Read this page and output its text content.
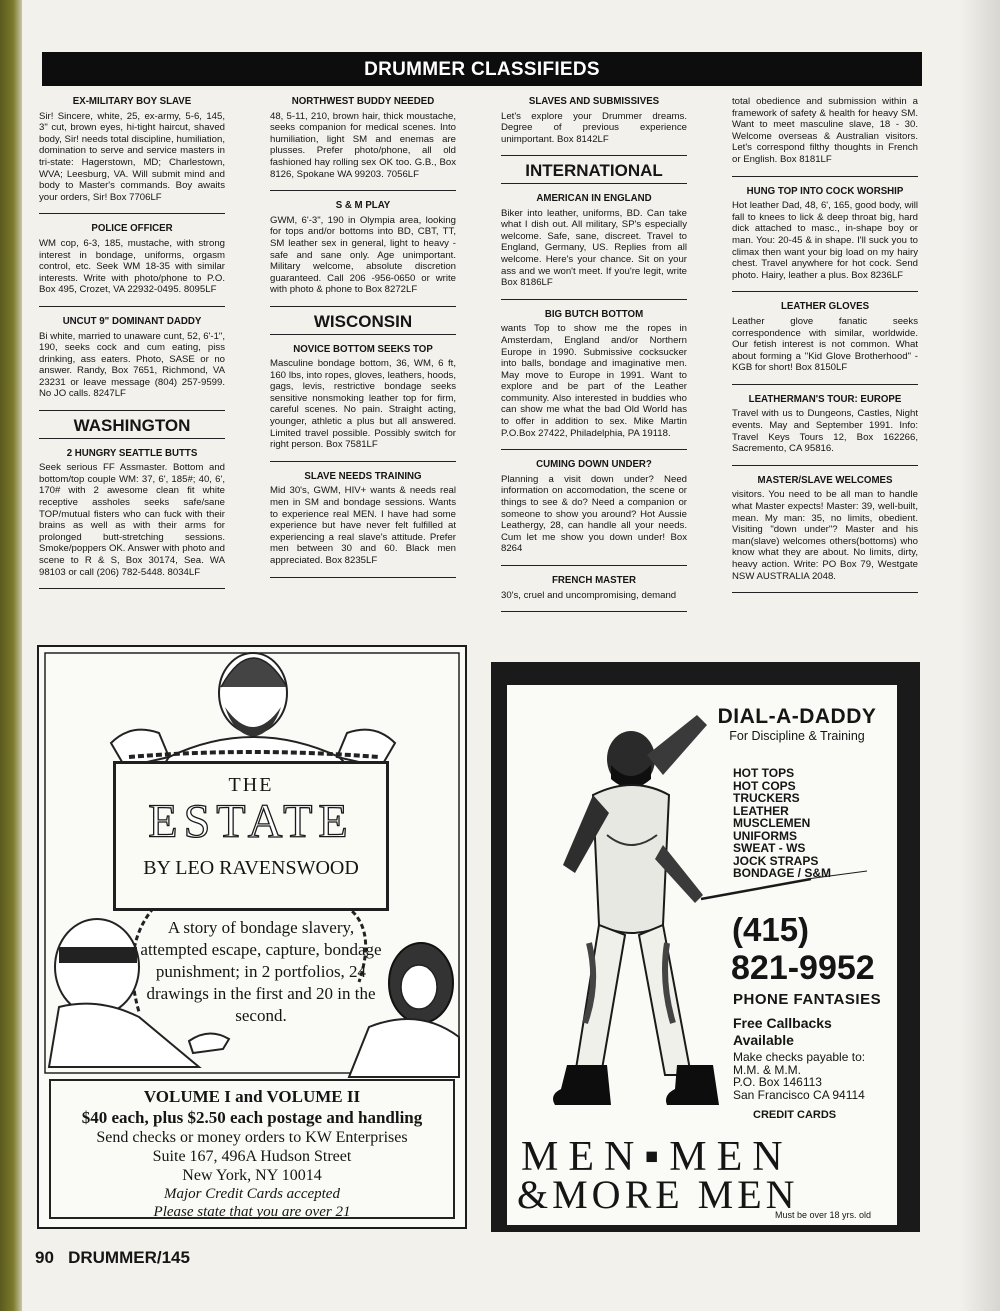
DRUMMER CLASSIFIEDS
EX-MILITARY BOY SLAVE
Sir! Sincere, white, 25, ex-army, 5-6, 145, 3" cut, brown eyes, hi-tight haircut, shaved body, Sir! needs total discipline, humiliation, domination to serve and service masters in tri-state: Hagerstown, MD; Charlestown, WVA; Leesburg, VA. Will submit mind and body to Master's commands. Boy awaits your orders, Sir! Box 7706LF
POLICE OFFICER
WM cop, 6-3, 185, mustache, with strong interest in bondage, uniforms, orgasm control, etc. Seek WM 18-35 with similar interests. Write with photo/phone to P.O. Box 495, Crozet, VA 22932-0495. 8095LF
UNCUT 9" DOMINANT DADDY
Bi white, married to unaware cunt, 52, 6'-1", 190, seeks cock and cum eating, piss drinking, ass eaters. Photo, SASE or no answer. Randy, Box 7651, Richmond, VA 23231 or leave message (804) 257-9599. No JO calls. 8247LF
WASHINGTON
2 HUNGRY SEATTLE BUTTS
Seek serious FF Assmaster. Bottom and bottom/top couple WM: 37, 6', 185#; 40, 6', 170# with 2 awesome clean fit white receptive assholes seeks safe/sane TOP/mutual fisters who can fuck with their brains as well as with their arms for prolonged butt-stretching sessions. Smoke/poppers OK. Answer with photo and scene to R & S, Box 30174, Sea. WA 98103 or call (206) 782-5448. 8034LF
NORTHWEST BUDDY NEEDED
48, 5-11, 210, brown hair, thick moustache, seeks companion for medical scenes. Into humiliation, light SM and enemas are plusses. Prefer photo/phone, all old fashioned hay rolling sex OK too. G.B., Box 8126, Spokane WA 99203. 7056LF
S & M PLAY
GWM, 6'-3", 190 in Olympia area, looking for tops and/or bottoms into BD, CBT, TT, SM leather sex in general, light to heavy - safe and sane only. Age unimportant. Military welcome, absolute discretion guaranteed. Call 206 -956-0650 or write with photo & phone to Box 8272LF
WISCONSIN
NOVICE BOTTOM SEEKS TOP
Masculine bondage bottom, 36, WM, 6 ft, 160 lbs, into ropes, gloves, leathers, hoods, gags, levis, restrictive bondage seeks sensitive nonsmoking leather top for firm, careful scenes. No pain. Straight acting, younger, athletic a plus but all answered. Limited travel possible. Possibly switch for right person. Box 7581LF
SLAVE NEEDS TRAINING
Mid 30's, GWM, HIV+ wants & needs real men in SM and bondage sessions. Wants to experience real MEN. I have had some experience but have never felt fulfilled at experiencing a real slave's attitude. Prefer men between 30 and 60. Black men appreciated. Box 8235LF
SLAVES AND SUBMISSIVES
Let's explore your Drummer dreams. Degree of previous experience unimportant. Box 8142LF
INTERNATIONAL
AMERICAN IN ENGLAND
Biker into leather, uniforms, BD. Can take what I dish out. All military, SP's especially welcome. Safe, sane, discreet. Travel to England, Germany, US. Replies from all welcome. Here's your chance. Sit on your ass and we won't meet. If you're legit, write Box 8186LF
BIG BUTCH BOTTOM
wants Top to show me the ropes in Amsterdam, England and/or Northern Europe in 1990. Submissive cocksucker into balls, bondage and imaginative men. May move to Europe in 1991. Want to explore and be part of the Leather community. Also interested in buddies who can show me what the bad Old World has to offer in addition to sex. Mike Martin P.O.Box 27422, Philadelphia, PA 19118.
CUMING DOWN UNDER?
Planning a visit down under? Need information on accomodation, the scene or things to see & do? Need a companion or someone to show you around? Hot Aussie Leathergy, 28, can handle all your needs. Cum let me show you down under! Box 8264
FRENCH MASTER
30's, cruel and uncompromising, demand
total obedience and submission within a framework of safety & health for heavy SM. Want to meet masculine slave, 18 - 30. Welcome overseas & Australian visitors. Let's correspond filthy thoughts in French or English. Box 8181LF
HUNG TOP INTO COCK WORSHIP
Hot leather Dad, 48, 6', 165, good body, will fall to knees to lick & deep throat big, hard dick attached to masc., in-shape boy or man. You: 20-45 & in shape. I'll suck you to climax then want your big load on my hairy chest. Travel anywhere for hot cock. Send photo. Hairy, leather a plus. Box 8236LF
LEATHER GLOVES
Leather glove fanatic seeks correspondence with similar, worldwide. Our fetish interest is not common. What about forming a "Kid Glove Brotherhood" - KGB for short! Box 8150LF
LEATHERMAN'S TOUR: EUROPE
Travel with us to Dungeons, Castles, Night events. May and September 1991. Info: Travel Keys Tours 12, Box 162266, Sacremento, CA 95816.
MASTER/SLAVE WELCOMES
visitors. You need to be all man to handle what Master expects! Master: 39, well-built, mean. My man: 35, no limits, obedient. Visiting "down under"? Master and his man(slave) welcomes others(bottoms) who know what they are about. No limits, dirty, heavy action. Write: PO Box 79, Westgate NSW AUSTRALIA 2048.
THE
ESTATE
BY LEO RAVENSWOOD
A story of bondage slavery, attempted escape, capture, bondage punishment; in 2 portfolios, 24 drawings in the first and 20 in the second.
VOLUME I and VOLUME II
$40 each, plus $2.50 each postage and handling
Send checks or money orders to KW Enterprises
Suite 167, 496A Hudson Street
New York, NY 10014
Major Credit Cards accepted
Please state that you are over 21
DIAL-A-DADDY
For Discipline & Training
HOT TOPS
HOT COPS
TRUCKERS
LEATHER
MUSCLEMEN
UNIFORMS
SWEAT - WS
JOCK STRAPS
BONDAGE / S&M
(415)
821-9952
PHONE FANTASIES
Free Callbacks
Available
Make checks payable to:
M.M. & M.M.
P.O. Box 146113
San Francisco CA 94114
CREDIT CARDS
MEN▪MEN
&MORE MEN
Must be over 18 yrs. old
90 DRUMMER/145
